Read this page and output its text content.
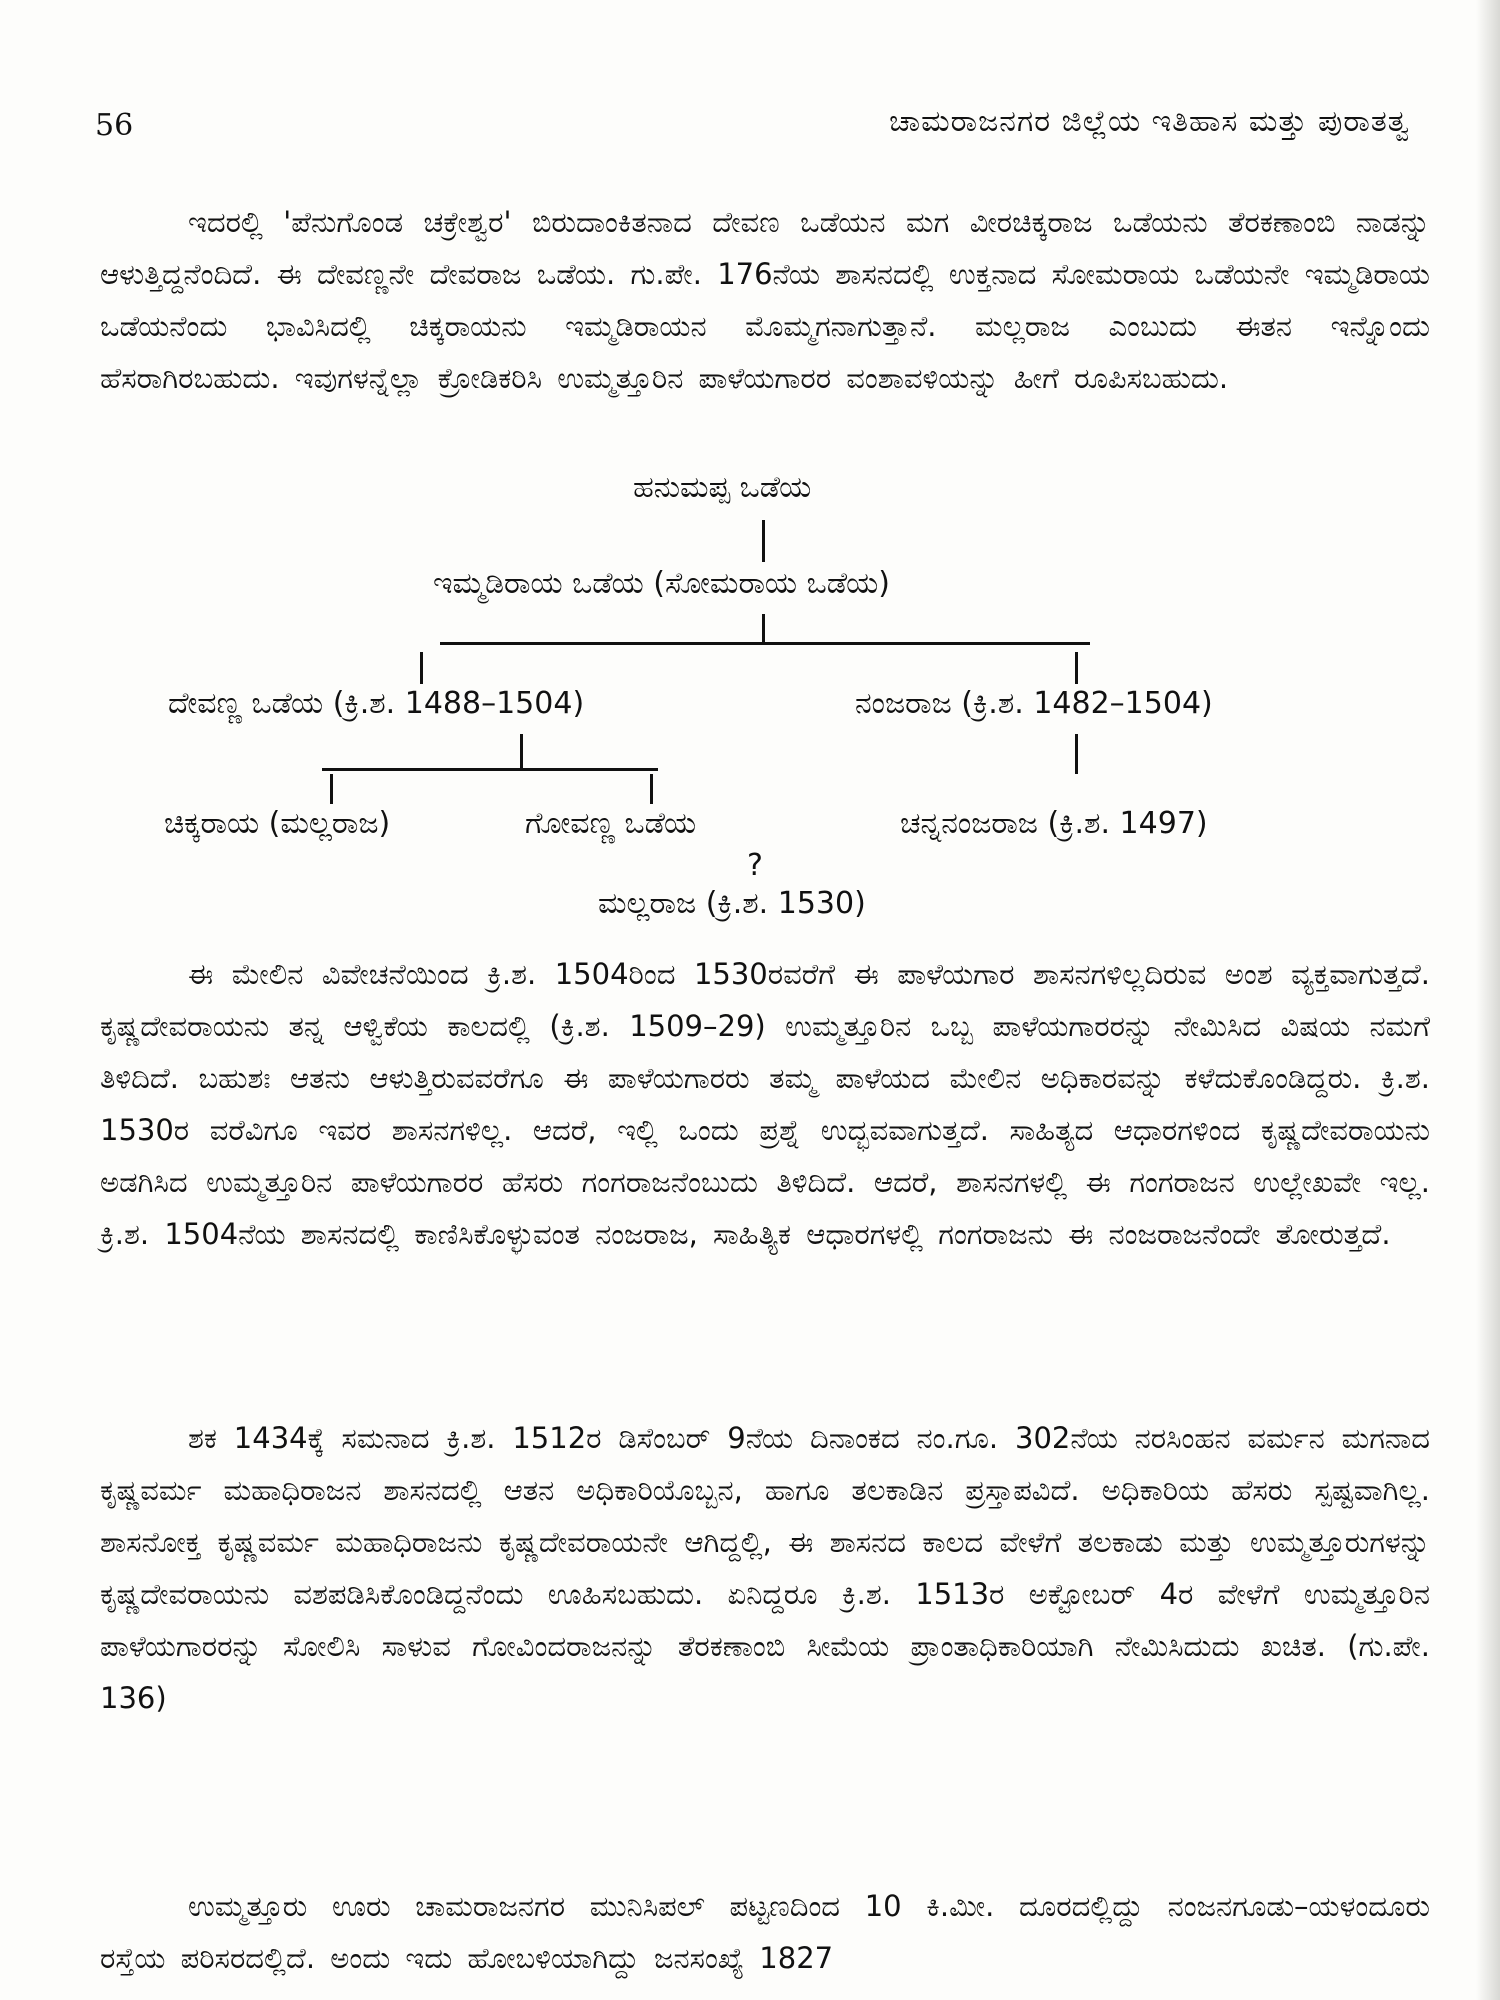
56	ಚಾಮರಾಜನಗರ ಜಿಲ್ಲೆಯ ಇತಿಹಾಸ ಮತ್ತು ಪುರಾತತ್ವ

ಇದರಲ್ಲಿ 'ಪೆನುಗೊಂಡ ಚಕ್ರೇಶ್ವರ' ಬಿರುದಾಂಕಿತನಾದ ದೇವಣ ಒಡೆಯನ ಮಗ ವೀರಚಿಕ್ಕರಾಜ ಒಡೆಯನು ತೆರಕಣಾಂಬಿ ನಾಡನ್ನು ಆಳುತ್ತಿದ್ದನೆಂದಿದೆ. ಈ ದೇವಣ್ಣನೇ ದೇವರಾಜ ಒಡೆಯ. ಗು.ಪೇ. 176ನೆಯ ಶಾಸನದಲ್ಲಿ ಉಕ್ತನಾದ ಸೋಮರಾಯ ಒಡೆಯನೇ ಇಮ್ಮಡಿರಾಯ ಒಡೆಯನೆಂದು ಭಾವಿಸಿದಲ್ಲಿ ಚಿಕ್ಕರಾಯನು ಇಮ್ಮಡಿರಾಯನ ಮೊಮ್ಮಗನಾಗುತ್ತಾನೆ. ಮಲ್ಲರಾಜ ಎಂಬುದು ಈತನ ಇನ್ನೊಂದು ಹೆಸರಾಗಿರಬಹುದು. ಇವುಗಳನ್ನೆಲ್ಲಾ ಕ್ರೋಡಿಕರಿಸಿ ಉಮ್ಮತ್ತೂರಿನ ಪಾಳೆಯಗಾರರ ವಂಶಾವಳಿಯನ್ನು ಹೀಗೆ ರೂಪಿಸಬಹುದು.

ಹನುಮಪ್ಪ ಒಡೆಯ
ಇಮ್ಮಡಿರಾಯ ಒಡೆಯ (ಸೋಮರಾಯ ಒಡೆಯ)
ದೇವಣ್ಣ ಒಡೆಯ (ಕ್ರಿ.ಶ. 1488–1504)	ನಂಜರಾಜ (ಕ್ರಿ.ಶ. 1482–1504)
ಚಿಕ್ಕರಾಯ (ಮಲ್ಲರಾಜ)	ಗೋವಣ್ಣ ಒಡೆಯ	ಚನ್ನನಂಜರಾಜ (ಕ್ರಿ.ಶ. 1497)
?
ಮಲ್ಲರಾಜ (ಕ್ರಿ.ಶ. 1530)

ಈ ಮೇಲಿನ ವಿವೇಚನೆಯಿಂದ ಕ್ರಿ.ಶ. 1504ರಿಂದ 1530ರವರೆಗೆ ಈ ಪಾಳೆಯಗಾರ ಶಾಸನಗಳಿಲ್ಲದಿರುವ ಅಂಶ ವ್ಯಕ್ತವಾಗುತ್ತದೆ. ಕೃಷ್ಣದೇವರಾಯನು ತನ್ನ ಆಳ್ವಿಕೆಯ ಕಾಲದಲ್ಲಿ (ಕ್ರಿ.ಶ. 1509–29) ಉಮ್ಮತ್ತೂರಿನ ಒಬ್ಬ ಪಾಳೆಯಗಾರರನ್ನು ನೇಮಿಸಿದ ವಿಷಯ ನಮಗೆ ತಿಳಿದಿದೆ. ಬಹುಶಃ ಆತನು ಆಳುತ್ತಿರುವವರೆಗೂ ಈ ಪಾಳೆಯಗಾರರು ತಮ್ಮ ಪಾಳೆಯದ ಮೇಲಿನ ಅಧಿಕಾರವನ್ನು ಕಳೆದುಕೊಂಡಿದ್ದರು. ಕ್ರಿ.ಶ. 1530ರ ವರೆವಿಗೂ ಇವರ ಶಾಸನಗಳಿಲ್ಲ. ಆದರೆ, ಇಲ್ಲಿ ಒಂದು ಪ್ರಶ್ನೆ ಉದ್ಭವವಾಗುತ್ತದೆ. ಸಾಹಿತ್ಯದ ಆಧಾರಗಳಿಂದ ಕೃಷ್ಣದೇವರಾಯನು ಅಡಗಿಸಿದ ಉಮ್ಮತ್ತೂರಿನ ಪಾಳೆಯಗಾರರ ಹೆಸರು ಗಂಗರಾಜನೆಂಬುದು ತಿಳಿದಿದೆ. ಆದರೆ, ಶಾಸನಗಳಲ್ಲಿ ಈ ಗಂಗರಾಜನ ಉಲ್ಲೇಖವೇ ಇಲ್ಲ. ಕ್ರಿ.ಶ. 1504ನೆಯ ಶಾಸನದಲ್ಲಿ ಕಾಣಿಸಿಕೊಳ್ಳುವಂತ ನಂಜರಾಜ, ಸಾಹಿತ್ಯಿಕ ಆಧಾರಗಳಲ್ಲಿ ಗಂಗರಾಜನು ಈ ನಂಜರಾಜನೆಂದೇ ತೋರುತ್ತದೆ.

ಶಕ 1434ಕ್ಕೆ ಸಮನಾದ ಕ್ರಿ.ಶ. 1512ರ ಡಿಸೆಂಬರ್ 9ನೆಯ ದಿನಾಂಕದ ನಂ.ಗೂ. 302ನೆಯ ನರಸಿಂಹನ ವರ್ಮನ ಮಗನಾದ ಕೃಷ್ಣವರ್ಮ ಮಹಾಧಿರಾಜನ ಶಾಸನದಲ್ಲಿ ಆತನ ಅಧಿಕಾರಿಯೊಬ್ಬನ, ಹಾಗೂ ತಲಕಾಡಿನ ಪ್ರಸ್ತಾಪವಿದೆ. ಅಧಿಕಾರಿಯ ಹೆಸರು ಸ್ಪಷ್ಟವಾಗಿಲ್ಲ. ಶಾಸನೋಕ್ತ ಕೃಷ್ಣವರ್ಮ ಮಹಾಧಿರಾಜನು ಕೃಷ್ಣದೇವರಾಯನೇ ಆಗಿದ್ದಲ್ಲಿ, ಈ ಶಾಸನದ ಕಾಲದ ವೇಳೆಗೆ ತಲಕಾಡು ಮತ್ತು ಉಮ್ಮತ್ತೂರುಗಳನ್ನು ಕೃಷ್ಣದೇವರಾಯನು ವಶಪಡಿಸಿಕೊಂಡಿದ್ದನೆಂದು ಊಹಿಸಬಹುದು. ಏನಿದ್ದರೂ ಕ್ರಿ.ಶ. 1513ರ ಅಕ್ಟೋಬರ್ 4ರ ವೇಳೆಗೆ ಉಮ್ಮತ್ತೂರಿನ ಪಾಳೆಯಗಾರರನ್ನು ಸೋಲಿಸಿ ಸಾಳುವ ಗೋವಿಂದರಾಜನನ್ನು ತೆರಕಣಾಂಬಿ ಸೀಮೆಯ ಪ್ರಾಂತಾಧಿಕಾರಿಯಾಗಿ ನೇಮಿಸಿದುದು ಖಚಿತ. (ಗು.ಪೇ. 136)

ಉಮ್ಮತ್ತೂರು ಊರು ಚಾಮರಾಜನಗರ ಮುನಿಸಿಪಲ್ ಪಟ್ಟಣದಿಂದ 10 ಕಿ.ಮೀ. ದೂರದಲ್ಲಿದ್ದು ನಂಜನಗೂಡು–ಯಳಂದೂರು ರಸ್ತೆಯ ಪರಿಸರದಲ್ಲಿದೆ. ಅಂದು ಇದು ಹೋಬಳಿಯಾಗಿದ್ದು ಜನಸಂಖ್ಯೆ 1827
